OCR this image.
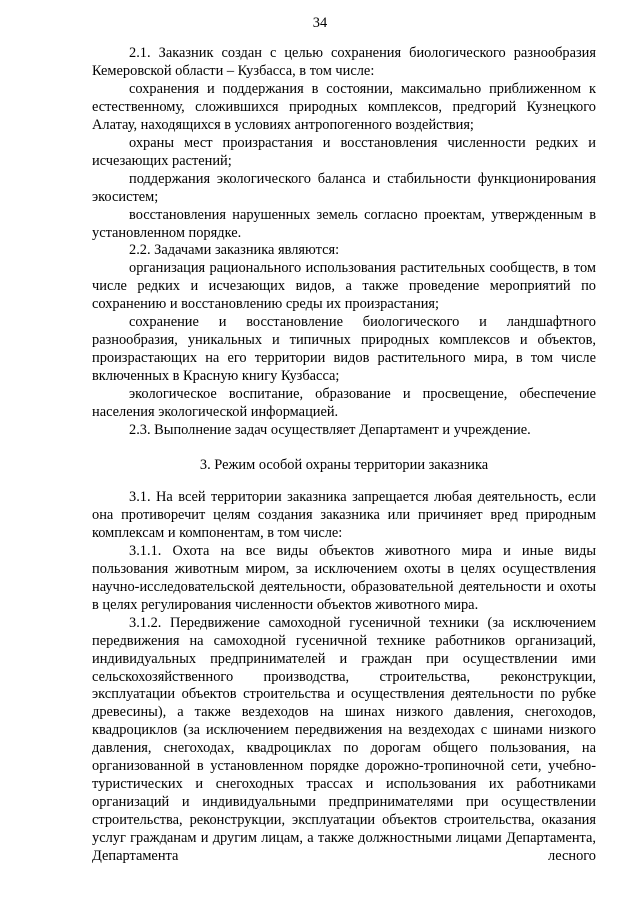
34

2.1. Заказник создан с целью сохранения биологического разнообразия Кемеровской области – Кузбасса, в том числе:

сохранения и поддержания в состоянии, максимально приближенном к естественному, сложившихся природных комплексов, предгорий Кузнецкого Алатау, находящихся в условиях антропогенного воздействия;

охраны мест произрастания и восстановления численности редких и исчезающих растений;

поддержания экологического баланса и стабильности функционирования экосистем;

восстановления нарушенных земель согласно проектам, утвержденным в установленном порядке.

2.2. Задачами заказника являются:

организация рационального использования растительных сообществ, в том числе редких и исчезающих видов, а также проведение мероприятий по сохранению и восстановлению среды их произрастания;

сохранение и восстановление биологического и ландшафтного разнообразия, уникальных и типичных природных комплексов и объектов, произрастающих на его территории видов растительного мира, в том числе включенных в Красную книгу Кузбасса;

экологическое воспитание, образование и просвещение, обеспечение населения экологической информацией.

2.3. Выполнение задач осуществляет Департамент и учреждение.

3. Режим особой охраны территории заказника

3.1. На всей территории заказника запрещается любая деятельность, если она противоречит целям создания заказника или причиняет вред природным комплексам и компонентам, в том числе:

3.1.1. Охота на все виды объектов животного мира и иные виды пользования животным миром, за исключением охоты в целях осуществления научно-исследовательской деятельности, образовательной деятельности и охоты в целях регулирования численности объектов животного мира.

3.1.2. Передвижение самоходной гусеничной техники (за исключением передвижения на самоходной гусеничной технике работников организаций, индивидуальных предпринимателей и граждан при осуществлении ими сельскохозяйственного производства, строительства, реконструкции, эксплуатации объектов строительства и осуществления деятельности по рубке древесины), а также вездеходов на шинах низкого давления, снегоходов, квадроциклов (за исключением передвижения на вездеходах с шинами низкого давления, снегоходах, квадроциклах по дорогам общего пользования, на организованной в установленном порядке дорожно-тропиночной сети, учебно-туристических и снегоходных трассах и использования их работниками организаций и индивидуальными предпринимателями при осуществлении строительства, реконструкции, эксплуатации объектов строительства, оказания услуг гражданам и другим лицам, а также должностными лицами Департамента, Департамента лесного
